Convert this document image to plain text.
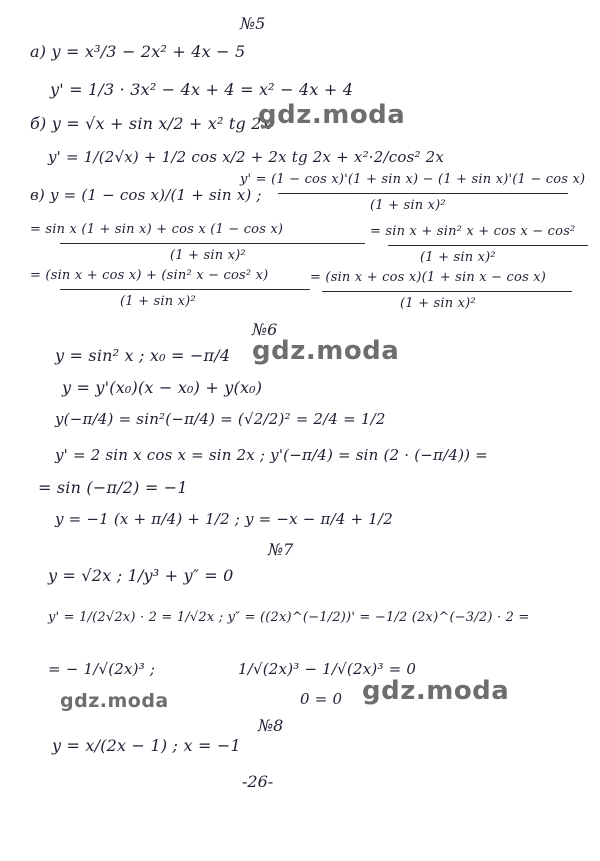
№5
а) y = x³/3 − 2x² + 4x − 5
y' = 1/3 · 3x² − 4x + 4 = x² − 4x + 4
б) y = √x + sin x/2 + x² tg 2x
y' = 1/(2√x) + 1/2 cos x/2 + 2x tg 2x + x²·2/cos² 2x
в) y = (1 − cos x)/(1 + sin x) ;
y' = (1 − cos x)'(1 + sin x) − (1 + sin x)'(1 − cos x)
(1 + sin x)²
= sin x (1 + sin x) + cos x (1 − cos x)
(1 + sin x)²
= sin x + sin² x + cos x − cos²
(1 + sin x)²
= (sin x + cos x) + (sin² x − cos² x)
(1 + sin x)²
= (sin x + cos x)(1 + sin x − cos x)
(1 + sin x)²
gdz.moda
№6
y = sin² x ; x₀ = −π/4
y = y'(x₀)(x − x₀) + y(x₀)
y(−π/4) = sin²(−π/4) = (√2/2)² = 2/4 = 1/2
y' = 2 sin x cos x = sin 2x ; y'(−π/4) = sin (2 · (−π/4)) =
= sin (−π/2) = −1
y = −1 (x + π/4) + 1/2 ; y = −x − π/4 + 1/2
gdz.moda
№7
y = √2x ; 1/y³ + y″ = 0
y' = 1/(2√2x) · 2 = 1/√2x ; y″ = ((2x)^(−1/2))' = −1/2 (2x)^(−3/2) · 2 =
= − 1/√(2x)³ ;	1/√(2x)³ − 1/√(2x)³ = 0
0 = 0
gdz.moda	gdz.moda
№8
y = x/(2x − 1) ; x = −1
-26-
